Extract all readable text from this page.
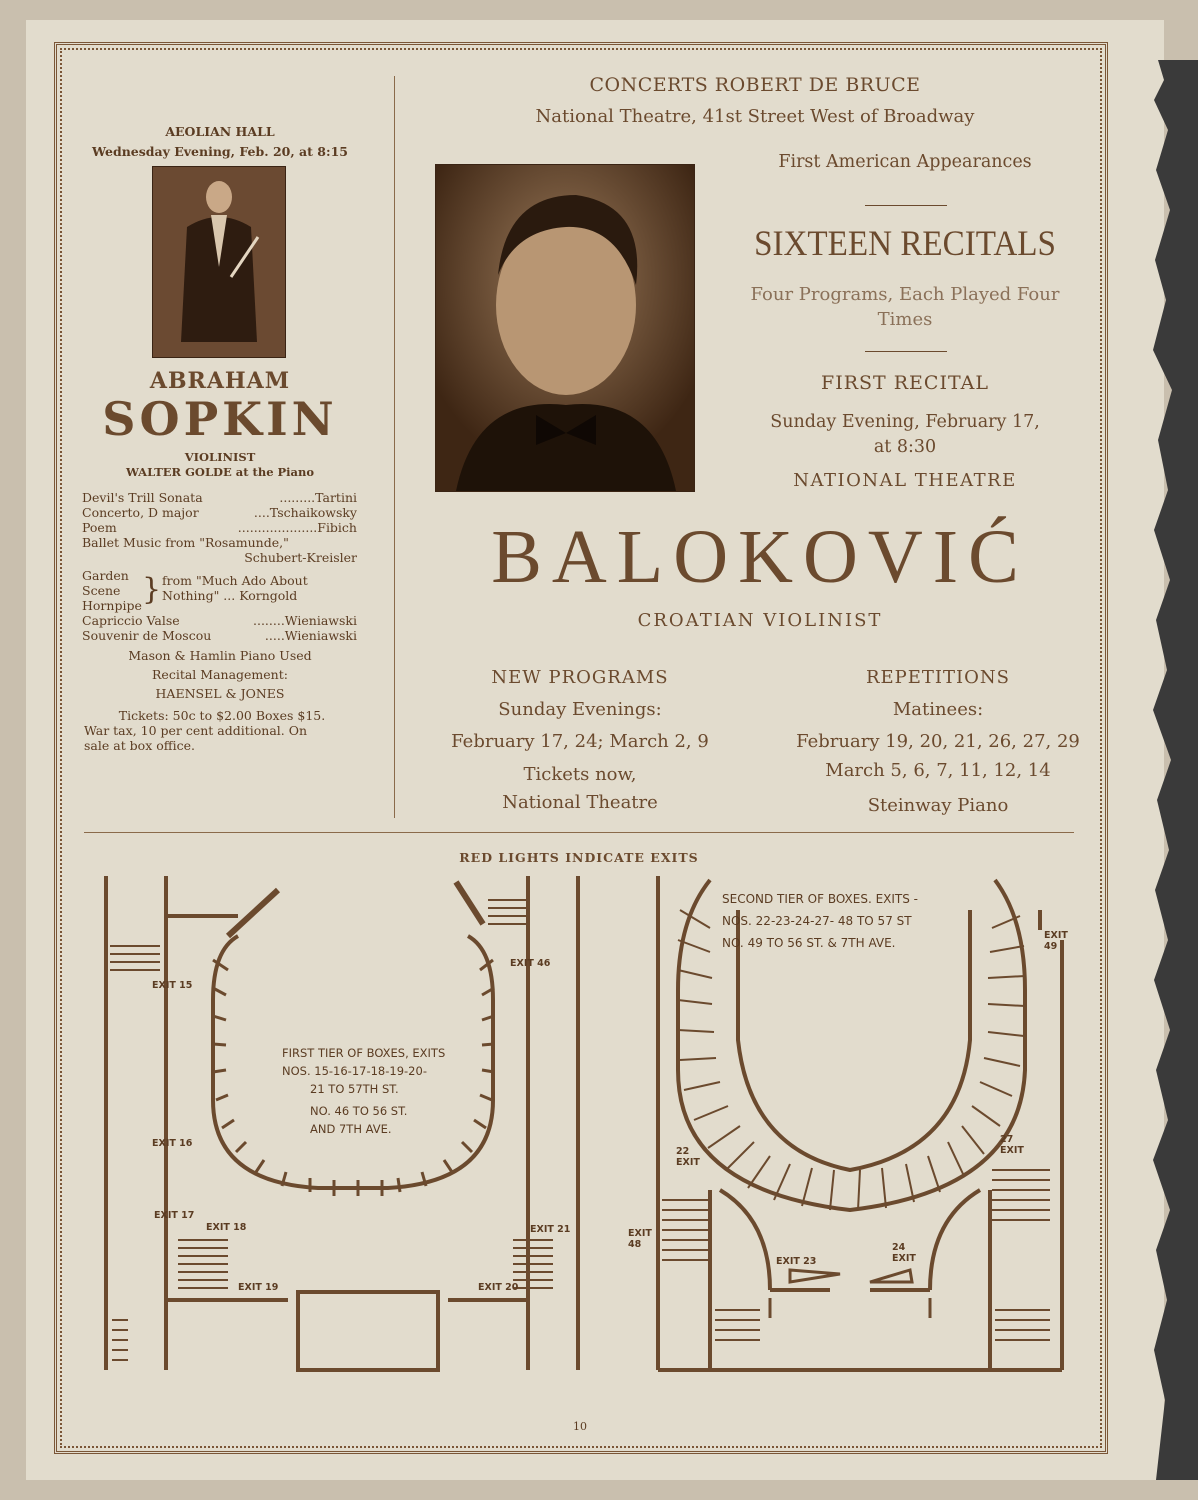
AEOLIAN HALL
Wednesday Evening, Feb. 20, at 8:15
ABRAHAM
SOPKIN
VIOLINIST
WALTER GOLDE at the Piano
Devil's Trill Sonata	.........Tartini
Concerto, D major	....Tschaikowsky
Poem	....................Fibich
Ballet Music from "Rosamunde,"
Schubert-Kreisler
Garden
Scene
Hornpipe } from "Much Ado About
Nothing" ... Korngold
Capriccio Valse	........Wieniawski
Souvenir de Moscou	.....Wieniawski
Mason & Hamlin Piano Used
Recital Management:
HAENSEL & JONES
Tickets: 50c to $2.00 Boxes $15.
War tax, 10 per cent additional. On
sale at box office.
CONCERTS ROBERT DE BRUCE
National Theatre, 41st Street West of Broadway
First American Appearances
SIXTEEN RECITALS
Four Programs, Each Played Four
Times
FIRST RECITAL
Sunday Evening, February 17,
at 8:30
NATIONAL THEATRE
BALOKOVIĆ
CROATIAN VIOLINIST
NEW PROGRAMS
Sunday Evenings:
February 17, 24; March 2, 9
Tickets now,
National Theatre
REPETITIONS
Matinees:
February 19, 20, 21, 26, 27, 29
March 5, 6, 7, 11, 12, 14
Steinway Piano
RED LIGHTS INDICATE EXITS
FIRST TIER OF BOXES, EXITS
NOS. 15-16-17-18-19-20-
21 TO 57TH ST.
NO. 46 TO 56 ST.
AND 7TH AVE.
EXIT 15
EXIT 16
EXIT 17
EXIT 18
EXIT 19	EXIT 20
EXIT 21
EXIT 46
SECOND TIER OF BOXES. EXITS -
NOS. 22-23-24-27- 48 TO 57 ST
NO. 49 TO 56 ST. & 7TH AVE.
EXIT 49
22 EXIT
27 EXIT
EXIT 48
EXIT 23
24 EXIT
10
